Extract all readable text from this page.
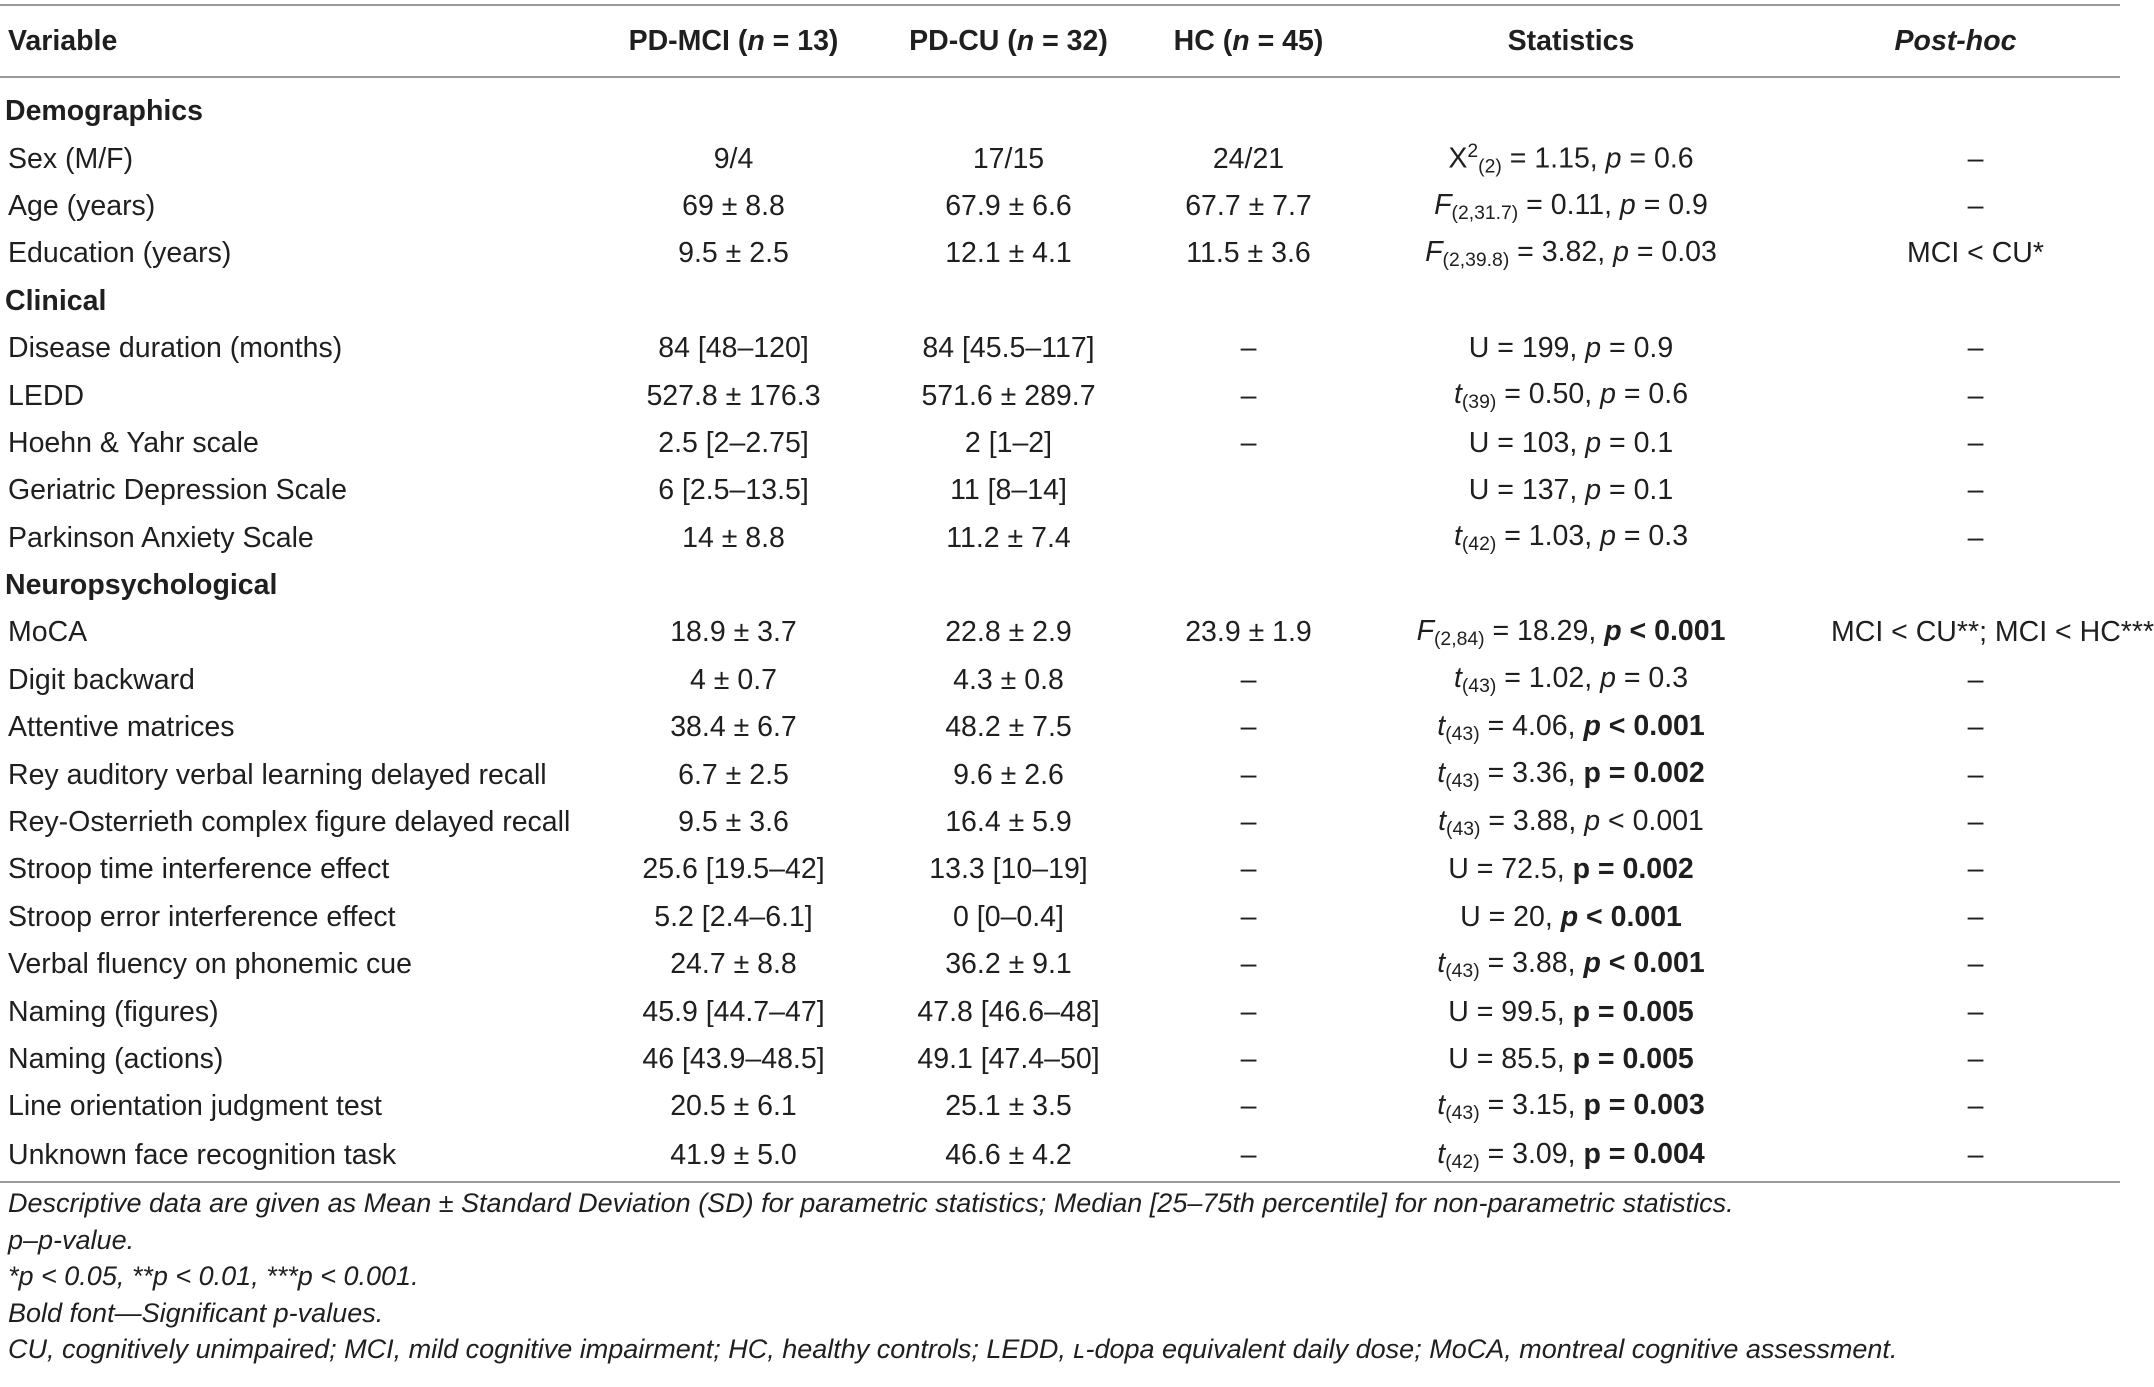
Variable	PD-MCI (n = 13)	PD-CU (n = 32)	HC (n = 45)	Statistics	Post-hoc
Demographics					
Sex (M/F)	9/4	17/15	24/21	$X^2_{(2)} = 1.15$, p = 0.6	–
Age (years)	69 ± 8.8	67.9 ± 6.6	67.7 ± 7.7	$F_{(2,31.7)} = 0.11$, p = 0.9	–
Education (years)	9.5 ± 2.5	12.1 ± 4.1	11.5 ± 3.6	$F_{(2,39.8)} = 3.82$, p = 0.03	MCI < CU*
Clinical					
Disease duration (months)	84 [48–120]	84 [45.5–117]	–	U = 199, p = 0.9	–
LEDD	527.8 ± 176.3	571.6 ± 289.7	–	$t_{(39)} = 0.50$, p = 0.6	–
Hoehn & Yahr scale	2.5 [2–2.75]	2 [1–2]	–	U = 103, p = 0.1	–
Geriatric Depression Scale	6 [2.5–13.5]	11 [8–14]		U = 137, p = 0.1	–
Parkinson Anxiety Scale	14 ± 8.8	11.2 ± 7.4		$t_{(42)} = 1.03$, p = 0.3	–
Neuropsychological					
MoCA	18.9 ± 3.7	22.8 ± 2.9	23.9 ± 1.9	$F_{(2,84)} = 18.29$, p < 0.001	MCI < CU**; MCI < HC***
Digit backward	4 ± 0.7	4.3 ± 0.8	–	$t_{(43)} = 1.02$, p = 0.3	–
Attentive matrices	38.4 ± 6.7	48.2 ± 7.5	–	$t_{(43)} = 4.06$, p < 0.001	–
Rey auditory verbal learning delayed recall	6.7 ± 2.5	9.6 ± 2.6	–	$t_{(43)} = 3.36$, p = 0.002	–
Rey-Osterrieth complex figure delayed recall	9.5 ± 3.6	16.4 ± 5.9	–	$t_{(43)} = 3.88$, p < 0.001	–
Stroop time interference effect	25.6 [19.5–42]	13.3 [10–19]	–	U = 72.5, p = 0.002	–
Stroop error interference effect	5.2 [2.4–6.1]	0 [0–0.4]	–	U = 20, p < 0.001	–
Verbal fluency on phonemic cue	24.7 ± 8.8	36.2 ± 9.1	–	$t_{(43)} = 3.88$, p < 0.001	–
Naming (figures)	45.9 [44.7–47]	47.8 [46.6–48]	–	U = 99.5, p = 0.005	–
Naming (actions)	46 [43.9–48.5]	49.1 [47.4–50]	–	U = 85.5, p = 0.005	–
Line orientation judgment test	20.5 ± 6.1	25.1 ± 3.5	–	$t_{(43)} = 3.15$, p = 0.003	–
Unknown face recognition task	41.9 ± 5.0	46.6 ± 4.2	–	$t_{(42)} = 3.09$, p = 0.004	–

Descriptive data are given as Mean ± Standard Deviation (SD) for parametric statistics; Median [25–75th percentile] for non-parametric statistics.

p–p-value.

*p < 0.05, **p < 0.01, ***p < 0.001.

Bold font—Significant p-values.

CU, cognitively unimpaired; MCI, mild cognitive impairment; HC, healthy controls; LEDD, ʟ-dopa equivalent daily dose; MoCA, montreal cognitive assessment.
